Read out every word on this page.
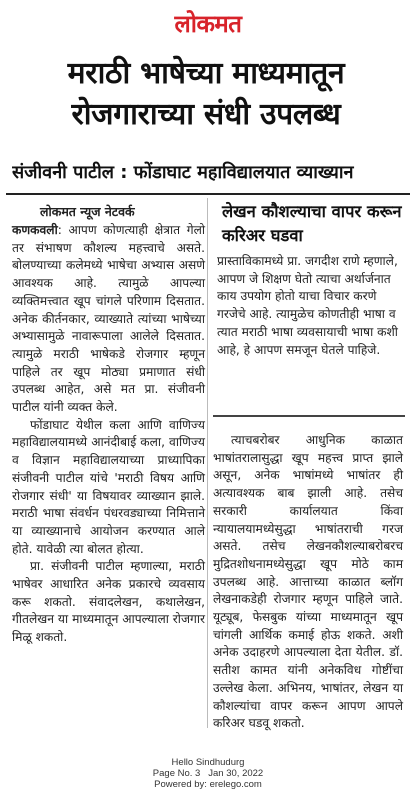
लोकमत
मराठी भाषेच्या माध्यमातून
रोजगाराच्या संधी उपलब्ध
संजीवनी पाटील : फोंडाघाट महाविद्यालयात व्याख्यान
लोकमत न्यूज नेटवर्क

कणकवली: आपण कोणत्याही क्षेत्रात गेलो तर संभाषण कौशल्य महत्त्वाचे असते. बोलण्याच्या कलेमध्ये भाषेचा अभ्यास असणे आवश्यक आहे. त्यामुळे आपल्या व्यक्तिमत्त्वात खूप चांगले परिणाम दिसतात. अनेक कीर्तनकार, व्याख्याते त्यांच्या भाषेच्या अभ्यासामुळे नावारूपाला आलेले दिसतात. त्यामुळे मराठी भाषेकडे रोजगार म्हणून पाहिले तर खूप मोठ्या प्रमाणात संधी उपलब्ध आहेत, असे मत प्रा. संजीवनी पाटील यांनी व्यक्त केले.

फोंडाघाट येथील कला आणि वाणिज्य महाविद्यालयामध्ये आनंदीबाई कला, वाणिज्य व विज्ञान महाविद्यालयाच्या प्राध्यापिका संजीवनी पाटील यांचे 'मराठी विषय आणि रोजगार संधी' या विषयावर व्याख्यान झाले. मराठी भाषा संवर्धन पंधरवड्याच्या निमित्ताने या व्याख्यानाचे आयोजन करण्यात आले होते. यावेळी त्या बोलत होत्या.

प्रा. संजीवनी पाटील म्हणाल्या, मराठी भाषेवर आधारित अनेक प्रकारचे व्यवसाय करू शकतो. संवादलेखन, कथालेखन, गीतलेखन या माध्यमातून आपल्याला रोजगार मिळू शकतो.

लेखन कौशल्याचा वापर करून करिअर घडवा
प्रास्ताविकामध्ये प्रा. जगदीश राणे म्हणाले, आपण जे शिक्षण घेतो त्याचा अर्थार्जनात काय उपयोग होतो याचा विचार करणे गरजेचे आहे. त्यामुळेच कोणतीही भाषा व त्यात मराठी भाषा व्यवसायाची भाषा कशी आहे, हे आपण समजून घेतले पाहिजे.

त्याचबरोबर आधुनिक काळात भाषांतरालासुद्धा खूप महत्त्व प्राप्त झाले असून, अनेक भाषांमध्ये भाषांतर ही अत्यावश्यक बाब झाली आहे. तसेच सरकारी कार्यालयात किंवा न्यायालयामध्येसुद्धा भाषांतराची गरज असते. तसेच लेखनकौशल्याबरोबरच मुद्रितशोधनामध्येसुद्धा खूप मोठे काम उपलब्ध आहे. आत्ताच्या काळात ब्लॉग लेखनाकडेही रोजगार म्हणून पाहिले जाते. यूट्यूब, फेसबुक यांच्या माध्यमातून खूप चांगली आर्थिक कमाई होऊ शकते. अशी अनेक उदाहरणे आपल्याला देता येतील. डॉ. सतीश कामत यांनी अनेकविध गोष्टींचा उल्लेख केला. अभिनय, भाषांतर, लेखन या कौशल्यांचा वापर करून आपण आपले करिअर घडवू शकतो.

Hello Sindhudurg
Page No. 3 Jan 30, 2022
Powered by: erelego.com
